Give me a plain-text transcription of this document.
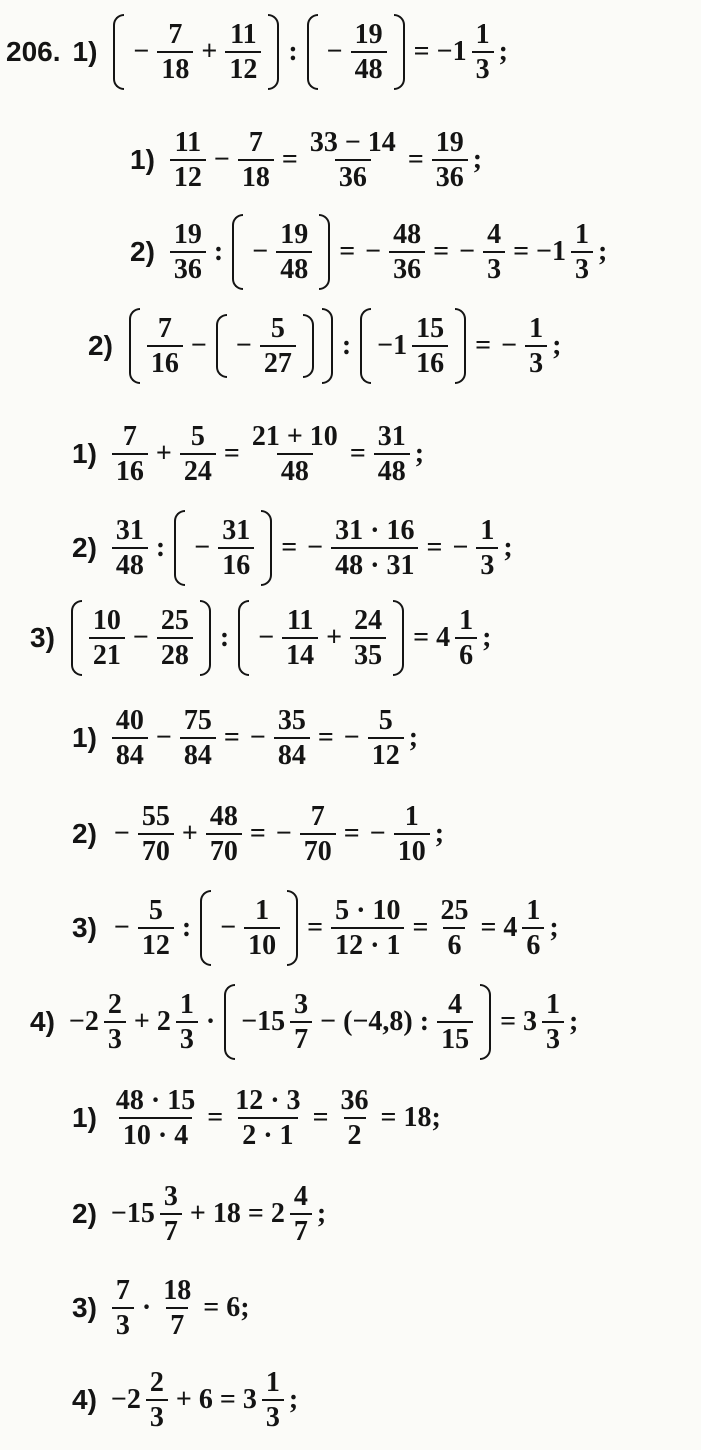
206. $1) - \frac{7}{18} + \frac{11}{12}$ : − $\frac{19}{48} = -1 \frac{1}{3}$ ;
$1) \frac{11}{12} - \frac{7}{18} = \frac{33 - 14}{36} = \frac{19}{36}$ ;
$2) \frac{19}{36}$ : − $\frac{19}{48}$ = − $\frac{48}{36}$ = − $\frac{4}{3} = -1 \frac{1}{3}$ ;
$2) \frac{7}{16}$ − − $\frac{5}{27}$ : $-1 \frac{15}{16}$ = − $\frac{1}{3}$ ;
$1) \frac{7}{16} + \frac{5}{24} = \frac{21 + 10}{48} = \frac{31}{48}$ ;
$2) \frac{31}{48}$ : − $\frac{31}{16}$ = − $\frac{31 \cdot 16}{48 \cdot 31}$ = − $\frac{1}{3}$ ;
$3) \frac{10}{21} - \frac{25}{28}$ : − $\frac{11}{14} + \frac{24}{35} = 4 \frac{1}{6}$ ;
$1) \frac{40}{84} - \frac{75}{84}$ = − $\frac{35}{84}$ = − $\frac{5}{12}$ ;
$2) - \frac{55}{70} + \frac{48}{70}$ = − $\frac{7}{70}$ = − $\frac{1}{10}$ ;
$3) - \frac{5}{12}$ : − $\frac{1}{10} = \frac{5 \cdot 10}{12 \cdot 1} = \frac{25}{6} = 4 \frac{1}{6}$ ;
$4) -2 \frac{2}{3} + 2 \frac{1}{3} \cdot -15 \frac{3}{7} - (-4,8)$ : $\frac{4}{15} = 3 \frac{1}{3}$ ;
$1) \frac{48 \cdot 15}{10 \cdot 4} = \frac{12 \cdot 3}{2 \cdot 1} = \frac{36}{2} = 18$;
$2) -15 \frac{3}{7} + 18 = 2 \frac{4}{7}$ ;
$3) \frac{7}{3} \cdot \frac{18}{7} = 6$;
$4) -2 \frac{2}{3} + 6 = 3 \frac{1}{3}$ ;
